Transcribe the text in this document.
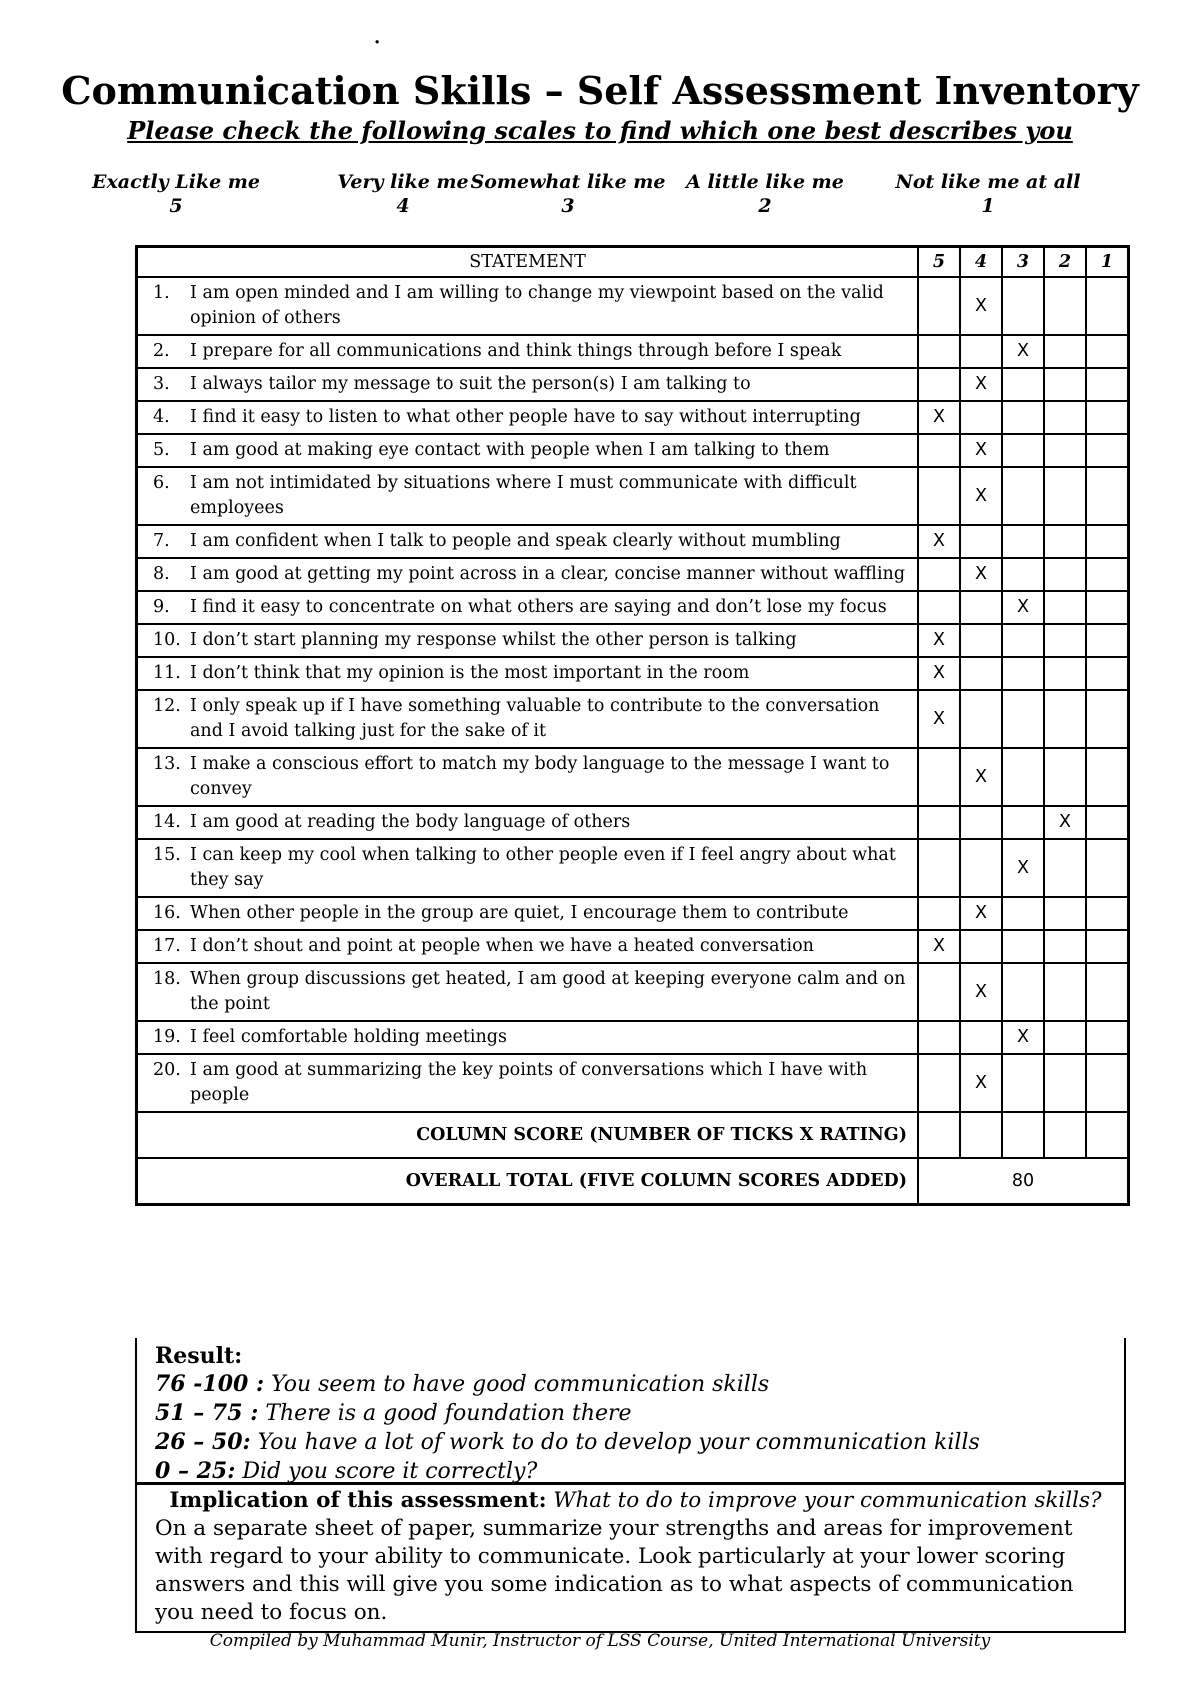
.
Communication Skills – Self Assessment Inventory
Please check the following scales to find which one best describes you
Exactly Like me
5
Very like me
4
Somewhat like me
3
A little like me
2
Not like me at all
1
STATEMENT	5	4	3	2	1

1. I am open minded and I am willing to change my viewpoint based on the valid opinion of others		X			

2. I prepare for all communications and think things through before I speak			X		

3. I always tailor my message to suit the person(s) I am talking to		X			

4. I find it easy to listen to what other people have to say without interrupting	X				

5. I am good at making eye contact with people when I am talking to them		X			

6. I am not intimidated by situations where I must communicate with difficult employees		X			

7. I am confident when I talk to people and speak clearly without mumbling	X				

8. I am good at getting my point across in a clear, concise manner without waffling		X			

9. I find it easy to concentrate on what others are saying and don’t lose my focus			X		

10. I don’t start planning my response whilst the other person is talking	X				

11. I don’t think that my opinion is the most important in the room	X				

12. I only speak up if I have something valuable to contribute to the conversation and I avoid talking just for the sake of it	X				

13. I make a conscious effort to match my body language to the message I want to convey		X			

14. I am good at reading the body language of others				X	

15. I can keep my cool when talking to other people even if I feel angry about what they say			X		

16. When other people in the group are quiet, I encourage them to contribute		X			

17. I don’t shout and point at people when we have a heated conversation	X				

18. When group discussions get heated, I am good at keeping everyone calm and on the point		X			

19. I feel comfortable holding meetings			X		

20. I am good at summarizing the key points of conversations which I have with people		X			
COLUMN SCORE (NUMBER OF TICKS X RATING)					
OVERALL TOTAL (FIVE COLUMN SCORES ADDED)	80				
Result:
76 -100 : You seem to have good communication skills
51 – 75 : There is a good foundation there
26 – 50: You have a lot of work to do to develop your communication kills
0 – 25: Did you score it correctly?
Implication of this assessment: What to do to improve your communication skills?
On a separate sheet of paper, summarize your strengths and areas for improvement with regard to your ability to communicate. Look particularly at your lower scoring answers and this will give you some indication as to what aspects of communication you need to focus on.
Compiled by Muhammad Munir, Instructor of LSS Course, United International University
